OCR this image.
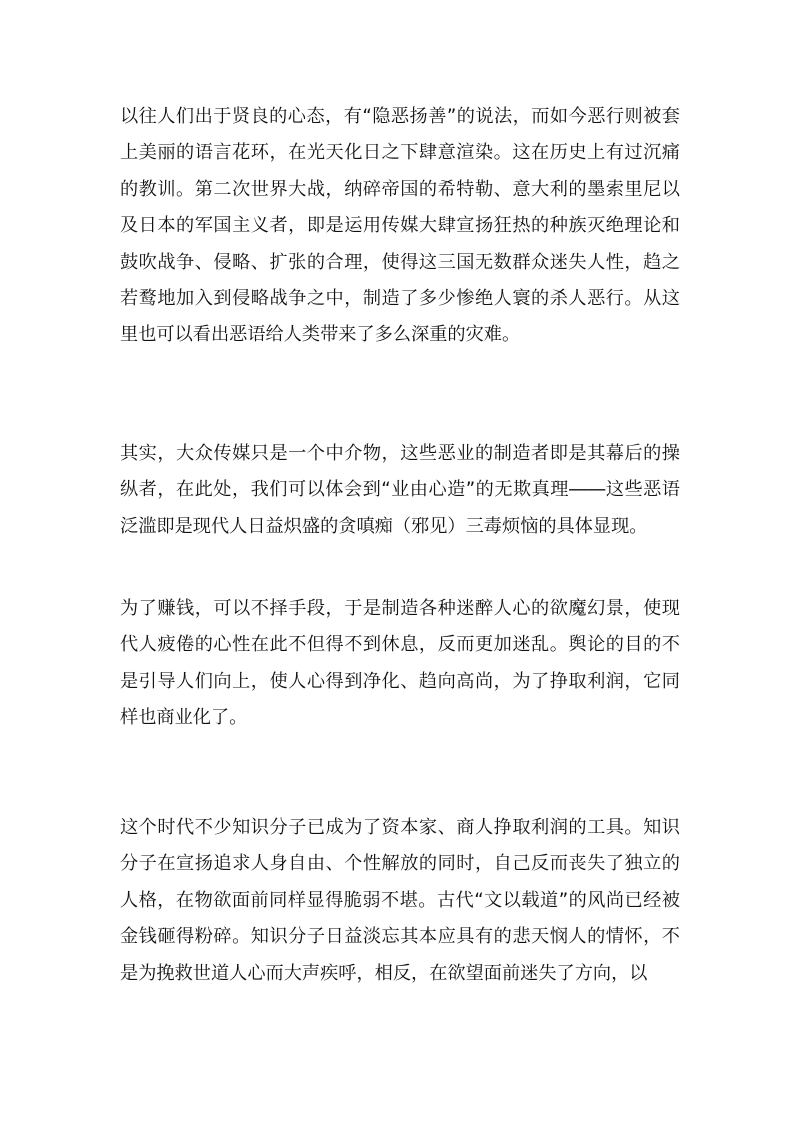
以往人们出于贤良的心态，有“隐恶扬善”的说法，而如今恶行则被套上美丽的语言花环，在光天化日之下肆意渲染。这在历史上有过沉痛的教训。第二次世界大战，纳碎帝国的希特勒、意大利的墨索里尼以及日本的军国主义者，即是运用传媒大肆宣扬狂热的种族灭绝理论和鼓吹战争、侵略、扩张的合理，使得这三国无数群众迷失人性，趋之若鹜地加入到侵略战争之中，制造了多少惨绝人寰的杀人恶行。从这里也可以看出恶语给人类带来了多么深重的灾难。

其实，大众传媒只是一个中介物，这些恶业的制造者即是其幕后的操纵者，在此处，我们可以体会到“业由心造”的无欺真理――这些恶语泛滥即是现代人日益炽盛的贪嗔痴（邪见）三毒烦恼的具体显现。

为了赚钱，可以不择手段，于是制造各种迷醉人心的欲魔幻景，使现代人疲倦的心性在此不但得不到休息，反而更加迷乱。舆论的目的不是引导人们向上，使人心得到净化、趋向高尚，为了挣取利润，它同样也商业化了。

这个时代不少知识分子已成为了资本家、商人挣取利润的工具。知识分子在宣扬追求人身自由、个性解放的同时，自己反而丧失了独立的人格，在物欲面前同样显得脆弱不堪。古代“文以载道”的风尚已经被金钱砸得粉碎。知识分子日益淡忘其本应具有的悲天悯人的情怀，不是为挽救世道人心而大声疾呼，相反，在欲望面前迷失了方向，以
